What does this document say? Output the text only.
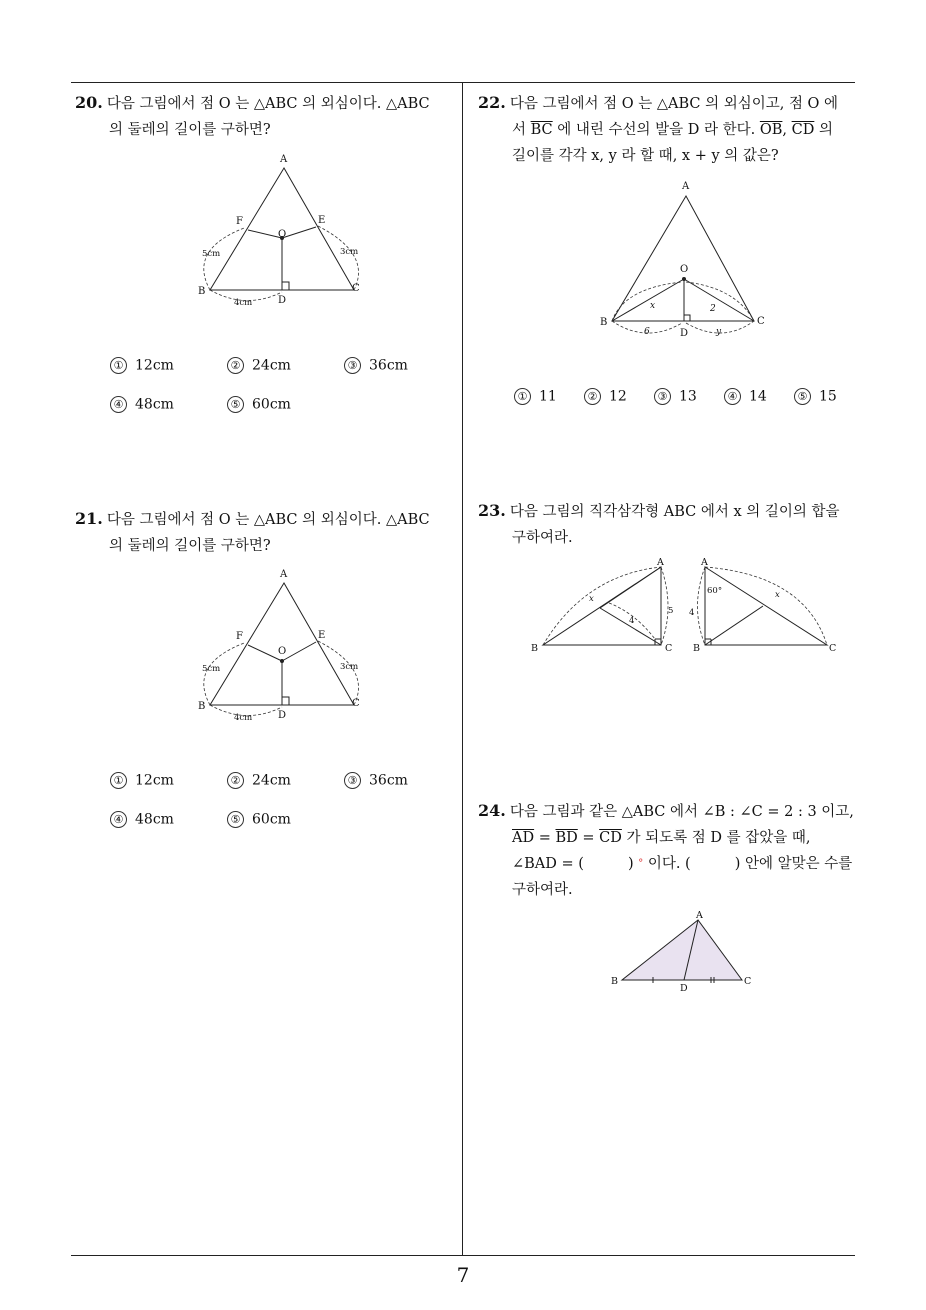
20. 다음 그림에서 점 O 는 △ABC 의 외심이다. △ABC
의 둘레의 길이를 구하면?
A
B	C
D
E
F
O
5cm	3cm
4cm
① 12cm	② 24cm	③ 36cm
④ 48cm	⑤ 60cm
21. 다음 그림에서 점 O 는 △ABC 의 외심이다. △ABC
의 둘레의 길이를 구하면?
A
B	C
D
E
F
O
5cm	3cm
4cm
① 12cm	② 24cm	③ 36cm
④ 48cm	⑤ 60cm
22. 다음 그림에서 점 O 는 △ABC 의 외심이고, 점 O 에
서 $\overline{BC}$ 에 내린 수선의 발을 D 라 한다. $\overline{OB}$, $\overline{CD}$ 의
길이를 각각 x, y 라 할 때, x + y 의 값은?
A
B	C
D
O
x	2
6	y
① 11	② 12	③ 13	④ 14	⑤ 15
23. 다음 그림의 직각삼각형 ABC 에서 x 의 길이의 합을
구하여라.
A
B	C
A
B	C
x
4
5
60°
4
x
24. 다음 그림과 같은 △ABC 에서 ∠B : ∠C = 2 : 3 이고,
$\overline{AD} = \overline{BD} = \overline{CD}$ 가 되도록 점 D 를 잡았을 때,
∠BAD = (	) ° 이다. (	) 안에 알맞은 수를
구하여라.
A
B	C
D
7
